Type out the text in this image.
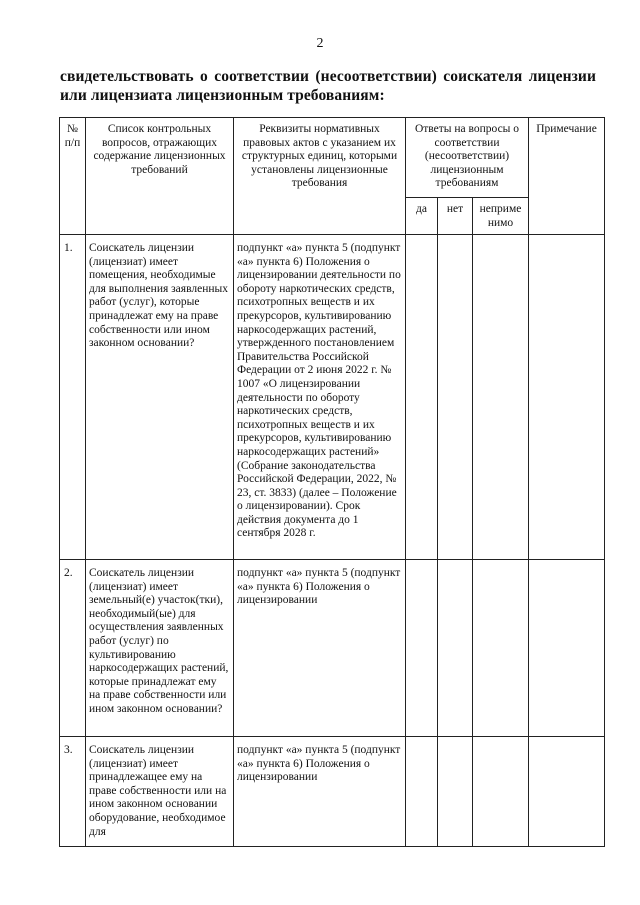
2
свидетельствовать о соответствии (несоответствии) соискателя лицензии или лицензиата лицензионным требованиям:
№ п/п	Список контрольных вопросов, отражающих содержание лицензионных требований	Реквизиты нормативных правовых актов с указанием их структурных единиц, которыми установлены лицензионные требования	Ответы на вопросы о соответствии (несоответствии) лицензионным требованиям			Примечание

			да	нет	неприме нимо	

1.	Соискатель лицензии (лицензиат) имеет помещения, необходимые для выполнения заявленных работ (услуг), которые принадлежат ему на праве собственности или ином законном основании?	подпункт «а» пункта 5 (подпункт «а» пункта 6) Положения о лицензировании деятельности по обороту наркотических средств, психотропных веществ и их прекурсоров, культивированию наркосодержащих растений, утвержденного постановлением Правительства Российской Федерации от 2 июня 2022 г. № 1007 «О лицензировании деятельности по обороту наркотических средств, психотропных веществ и их прекурсоров, культивированию наркосодержащих растений» (Собрание законодательства Российской Федерации, 2022, № 23, ст. 3833) (далее – Положение о лицензировании). Срок действия документа до 1 сентября 2028 г.				

2.	Соискатель лицензии (лицензиат) имеет земельный(е) участок(тки), необходимый(ые) для осуществления заявленных работ (услуг) по культивированию наркосодержащих растений, которые принадлежат ему на праве собственности или ином законном основании?	подпункт «а» пункта 5 (подпункт «а» пункта 6) Положения о лицензировании				

3.	Соискатель лицензии (лицензиат) имеет принадлежащее ему на праве собственности или на ином законном основании оборудование, необходимое для	подпункт «а» пункта 5 (подпункт «а» пункта 6) Положения о лицензировании				
